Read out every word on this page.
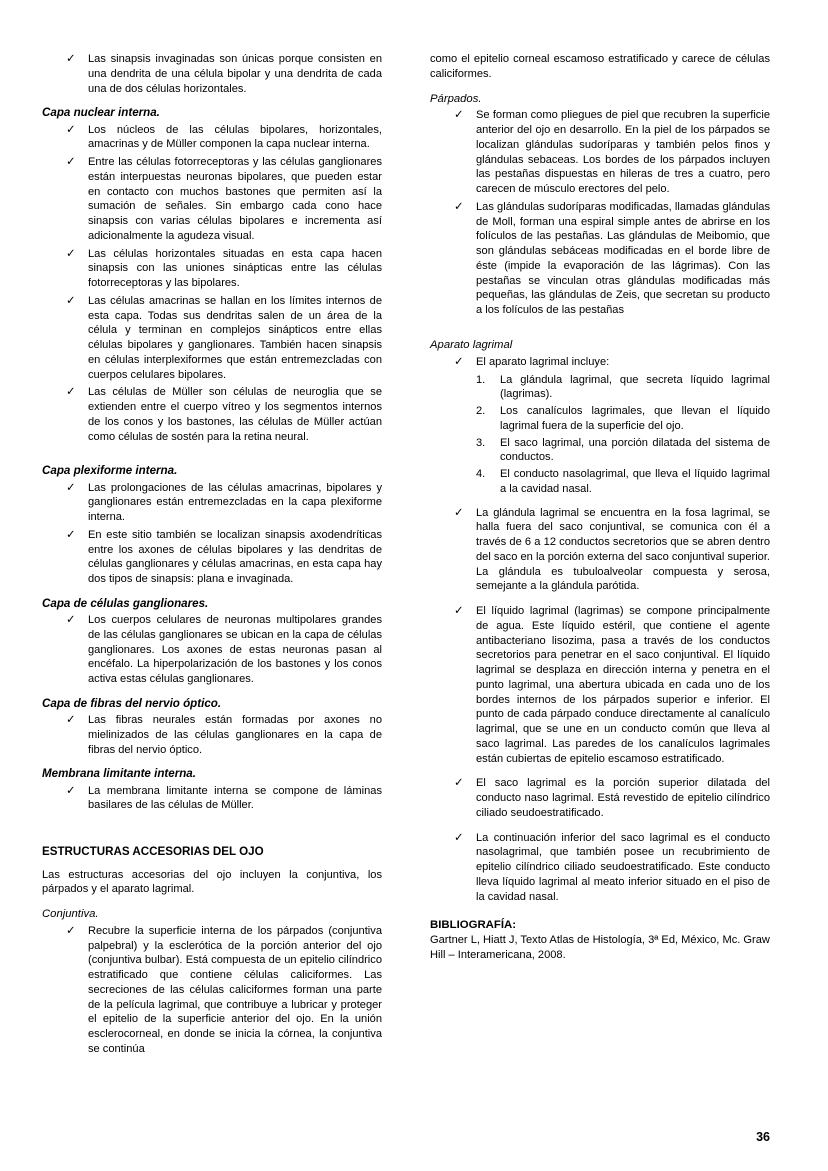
✓ Las sinapsis invaginadas son únicas porque consisten en una dendrita de una célula bipolar y una dendrita de cada una de dos células horizontales.
Capa nuclear interna.
✓ Los núcleos de las células bipolares, horizontales, amacrinas y de Müller componen la capa nuclear interna.
✓ Entre las células fotorreceptoras y las células ganglionares están interpuestas neuronas bipolares, que pueden estar en contacto con muchos bastones que permiten así la sumación de señales. Sin embargo cada cono hace sinapsis con varias células bipolares e incrementa así adicionalmente la agudeza visual.
✓ Las células horizontales situadas en esta capa hacen sinapsis con las uniones sinápticas entre las células fotorreceptoras y las bipolares.
✓ Las células amacrinas se hallan en los límites internos de esta capa. Todas sus dendritas salen de un área de la célula y terminan en complejos sinápticos entre ellas células bipolares y ganglionares. También hacen sinapsis en células interplexiformes que están entremezcladas con cuerpos celulares bipolares.
✓ Las células de Müller son células de neuroglia que se extienden entre el cuerpo vítreo y los segmentos internos de los conos y los bastones, las células de Müller actúan como células de sostén para la retina neural.
Capa plexiforme interna.
✓ Las prolongaciones de las células amacrinas, bipolares y ganglionares están entremezcladas en la capa plexiforme interna.
✓ En este sitio también se localizan sinapsis axodendríticas entre los axones de células bipolares y las dendritas de células ganglionares y células amacrinas, en esta capa hay dos tipos de sinapsis: plana e invaginada.
Capa de células ganglionares.
✓ Los cuerpos celulares de neuronas multipolares grandes de las células ganglionares se ubican en la capa de células ganglionares. Los axones de estas neuronas pasan al encéfalo. La hiperpolarización de los bastones y los conos activa estas células ganglionares.
Capa de fibras del nervio óptico.
✓ Las fibras neurales están formadas por axones no mielinizados de las células ganglionares en la capa de fibras del nervio óptico.
Membrana limitante interna.
✓ La membrana limitante interna se compone de láminas basilares de las células de Müller.
ESTRUCTURAS ACCESORIAS DEL OJO

Las estructuras accesorias del ojo incluyen la conjuntiva, los párpados y el aparato lagrimal.

Conjuntiva.
✓ Recubre la superficie interna de los párpados (conjuntiva palpebral) y la esclerótica de la porción anterior del ojo (conjuntiva bulbar). Está compuesta de un epitelio cilíndrico estratificado que contiene células caliciformes. Las secreciones de las células caliciformes forman una parte de la película lagrimal, que contribuye a lubricar y proteger el epitelio de la superficie anterior del ojo. En la unión esclerocorneal, en donde se inicia la córnea, la conjuntiva se continúa

como el epitelio corneal escamoso estratificado y carece de células caliciformes.

Párpados.
✓ Se forman como pliegues de piel que recubren la superficie anterior del ojo en desarrollo. En la piel de los párpados se localizan glándulas sudoríparas y también pelos finos y glándulas sebaceas. Los bordes de los párpados incluyen las pestañas dispuestas en hileras de tres a cuatro, pero carecen de músculo erectores del pelo.
✓ Las glándulas sudoríparas modificadas, llamadas glándulas de Moll, forman una espiral simple antes de abrirse en los folículos de las pestañas. Las glándulas de Meibomio, que son glándulas sebáceas modificadas en el borde libre de éste (impide la evaporación de las lágrimas). Con las pestañas se vinculan otras glándulas modificadas más pequeñas, las glándulas de Zeis, que secretan su producto a los folículos de las pestañas
Aparato lagrimal
✓ El aparato lagrimal incluye:
1. La glándula lagrimal, que secreta líquido lagrimal (lagrimas).
2. Los canalículos lagrimales, que llevan el líquido lagrimal fuera de la superficie del ojo.
3. El saco lagrimal, una porción dilatada del sistema de conductos.
4. El conducto nasolagrimal, que lleva el líquido lagrimal a la cavidad nasal.
✓ La glándula lagrimal se encuentra en la fosa lagrimal, se halla fuera del saco conjuntival, se comunica con él a través de 6 a 12 conductos secretorios que se abren dentro del saco en la porción externa del saco conjuntival superior. La glándula es tubuloalveolar compuesta y serosa, semejante a la glándula parótida.
✓ El líquido lagrimal (lagrimas) se compone principalmente de agua. Este líquido estéril, que contiene el agente antibacteriano lisozima, pasa a través de los conductos secretorios para penetrar en el saco conjuntival. El líquido lagrimal se desplaza en dirección interna y penetra en el punto lagrimal, una abertura ubicada en cada uno de los bordes internos de los párpados superior e inferior. El punto de cada párpado conduce directamente al canalículo lagrimal, que se une en un conducto común que lleva al saco lagrimal. Las paredes de los canalículos lagrimales están cubiertas de epitelio escamoso estratificado.
✓ El saco lagrimal es la porción superior dilatada del conducto naso lagrimal. Está revestido de epitelio cilíndrico ciliado seudoestratificado.
✓ La continuación inferior del saco lagrimal es el conducto nasolagrimal, que también posee un recubrimiento de epitelio cilíndrico ciliado seudoestratificado. Este conducto lleva líquido lagrimal al meato inferior situado en el piso de la cavidad nasal.
BIBLIOGRAFÍA:
Gartner L, Hiatt J, Texto Atlas de Histología, 3ª Ed, México, Mc. Graw Hill – Interamericana, 2008.
36
